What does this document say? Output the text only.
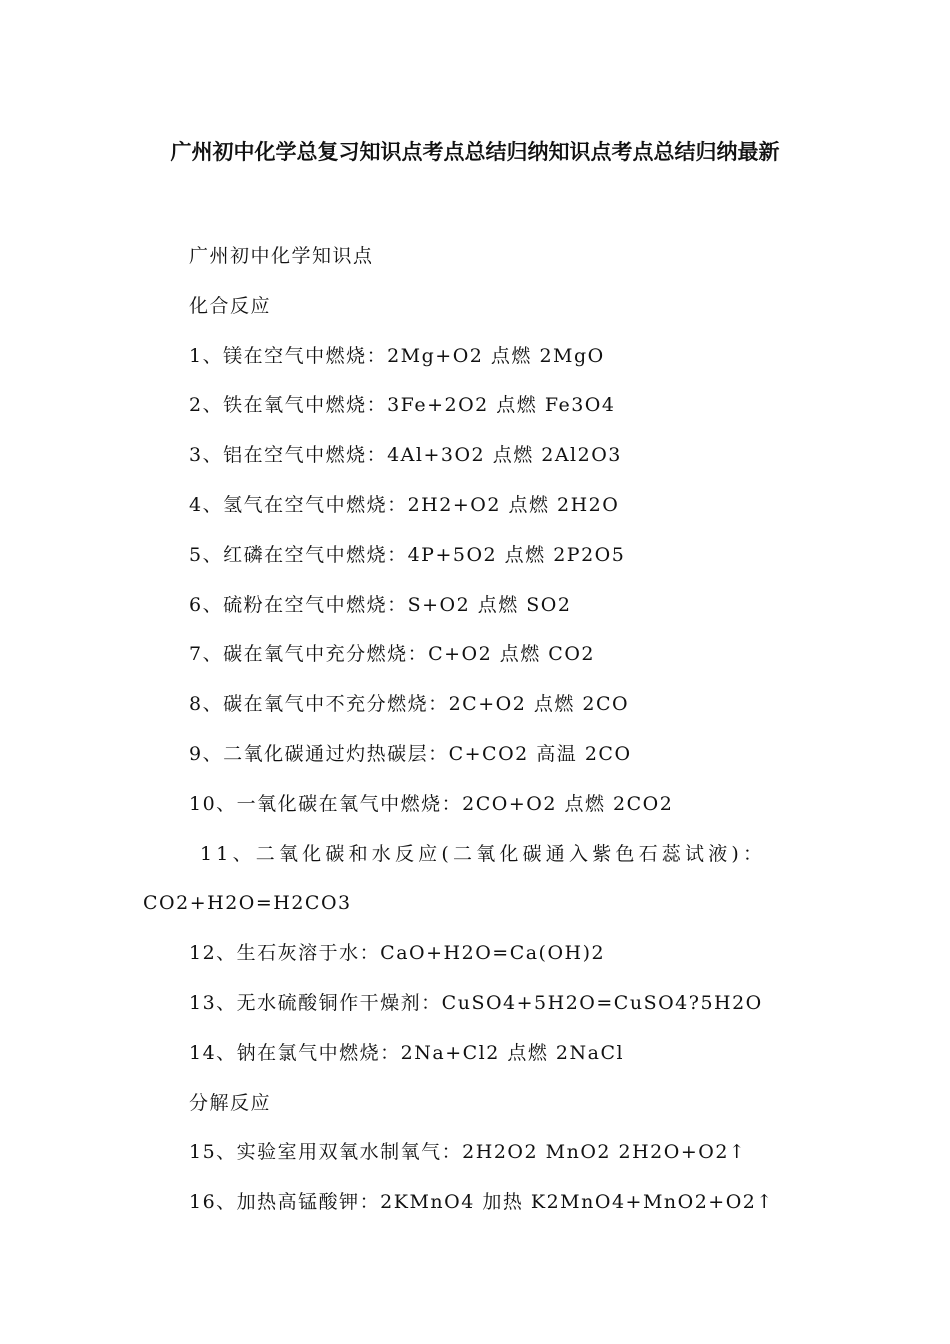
广州初中化学总复习知识点考点总结归纳知识点考点总结归纳最新
广州初中化学知识点
化合反应
1、镁在空气中燃烧：2Mg+O2 点燃 2MgO
2、铁在氧气中燃烧：3Fe+2O2 点燃 Fe3O4
3、铝在空气中燃烧：4Al+3O2 点燃 2Al2O3
4、氢气在空气中燃烧：2H2+O2 点燃 2H2O
5、红磷在空气中燃烧：4P+5O2 点燃 2P2O5
6、硫粉在空气中燃烧：S+O2 点燃 SO2
7、碳在氧气中充分燃烧：C+O2 点燃 CO2
8、碳在氧气中不充分燃烧：2C+O2 点燃 2CO
9、二氧化碳通过灼热碳层：C+CO2 高温 2CO
10、一氧化碳在氧气中燃烧：2CO+O2 点燃 2CO2
11、二氧化碳和水反应(二氧化碳通入紫色石蕊试液)：
CO2+H2O=H2CO3
12、生石灰溶于水：CaO+H2O=Ca(OH)2
13、无水硫酸铜作干燥剂：CuSO4+5H2O=CuSO4?5H2O
14、钠在氯气中燃烧：2Na+Cl2 点燃 2NaCl
分解反应
15、实验室用双氧水制氧气：2H2O2 MnO2 2H2O+O2↑
16、加热高锰酸钾：2KMnO4 加热 K2MnO4+MnO2+O2↑
